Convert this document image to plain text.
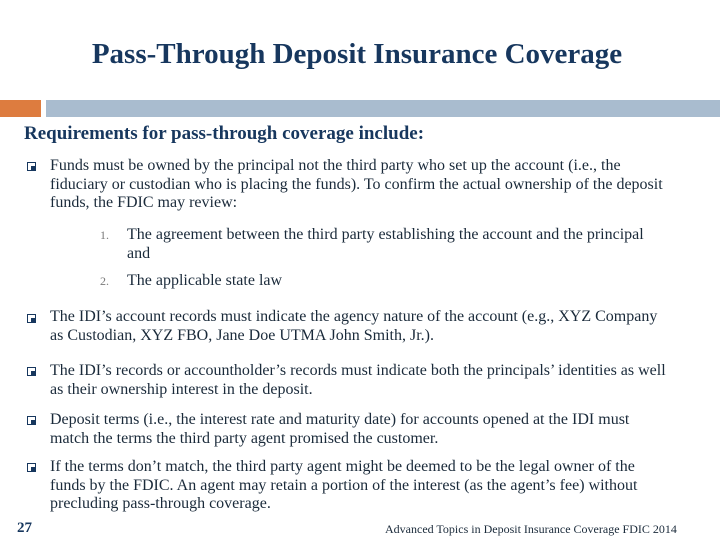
Pass-Through Deposit Insurance Coverage
Requirements for pass-through coverage include:
Funds must be owned by the principal not the third party who set up the account (i.e., the fiduciary or custodian who is placing the funds). To confirm the actual ownership of the deposit funds, the FDIC may review:
1.	The agreement between the third party establishing the account and the principal and
2.	The applicable state law
The IDI’s account records must indicate the agency nature of the account (e.g., XYZ Company as Custodian, XYZ FBO, Jane Doe UTMA John Smith, Jr.).
The IDI’s records or accountholder’s records must indicate both the principals’ identities as well as their ownership interest in the deposit.
Deposit terms (i.e., the interest rate and maturity date) for accounts opened at the IDI must match the terms the third party agent promised the customer.
If the terms don’t match, the third party agent might be deemed to be the legal owner of the funds by the FDIC. An agent may retain a portion of the interest (as the agent’s fee) without precluding pass-through coverage.
27	Advanced Topics in Deposit Insurance Coverage FDIC 2014
